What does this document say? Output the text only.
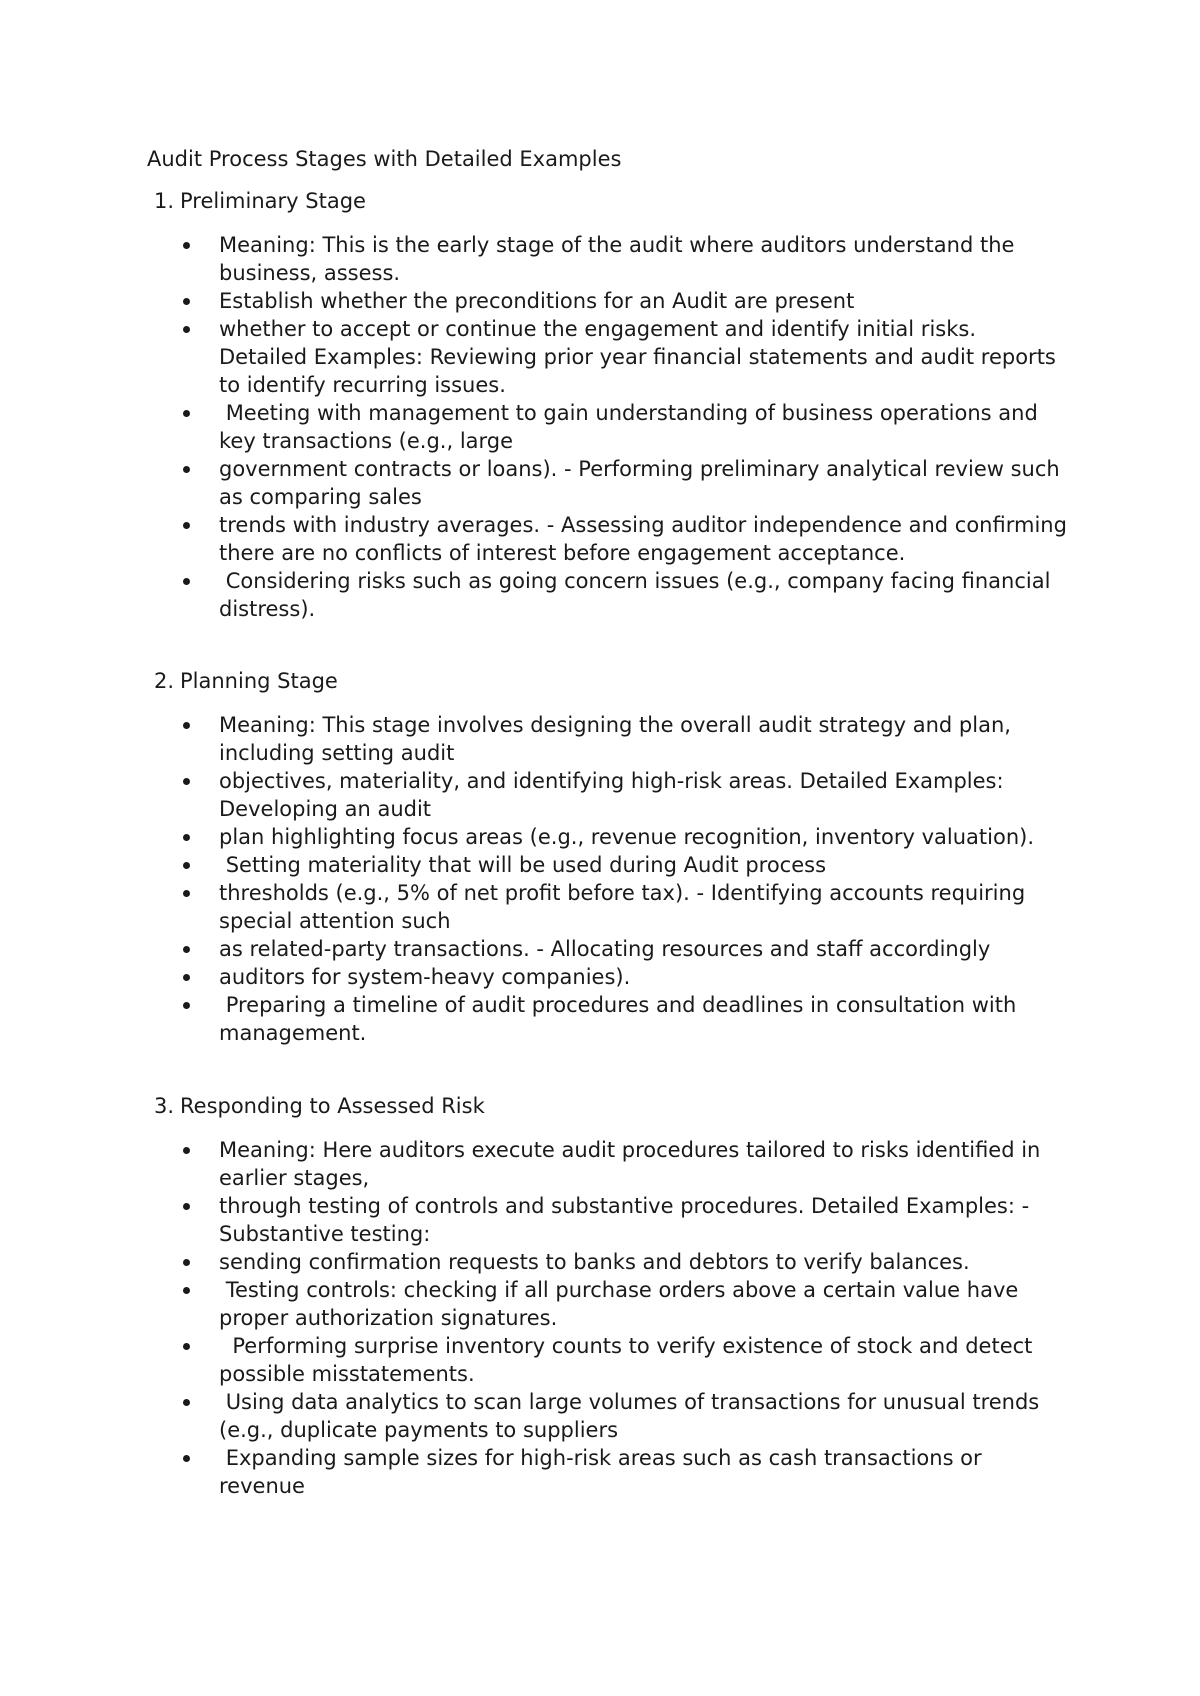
Audit Process Stages with Detailed Examples
1. Preliminary Stage
Meaning: This is the early stage of the audit where auditors understand the business, assess.
Establish whether the preconditions for an Audit are present
whether to accept or continue the engagement and identify initial risks. Detailed Examples: Reviewing prior year financial statements and audit reports to identify recurring issues.
Meeting with management to gain understanding of business operations and key transactions (e.g., large
government contracts or loans). - Performing preliminary analytical review such as comparing sales
trends with industry averages. - Assessing auditor independence and confirming there are no conflicts of interest before engagement acceptance.
Considering risks such as going concern issues (e.g., company facing financial distress).
2. Planning Stage
Meaning: This stage involves designing the overall audit strategy and plan, including setting audit
objectives, materiality, and identifying high-risk areas. Detailed Examples: Developing an audit
plan highlighting focus areas (e.g., revenue recognition, inventory valuation).
Setting materiality that will be used during Audit process
thresholds (e.g., 5% of net profit before tax). - Identifying accounts requiring special attention such
as related-party transactions. - Allocating resources and staff accordingly
auditors for system-heavy companies).
Preparing a timeline of audit procedures and deadlines in consultation with management.
3. Responding to Assessed Risk
Meaning: Here auditors execute audit procedures tailored to risks identified in earlier stages,
through testing of controls and substantive procedures. Detailed Examples: - Substantive testing:
sending confirmation requests to banks and debtors to verify balances.
Testing controls: checking if all purchase orders above a certain value have proper authorization signatures.
Performing surprise inventory counts to verify existence of stock and detect possible misstatements.
Using data analytics to scan large volumes of transactions for unusual trends (e.g., duplicate payments to suppliers
Expanding sample sizes for high-risk areas such as cash transactions or revenue
